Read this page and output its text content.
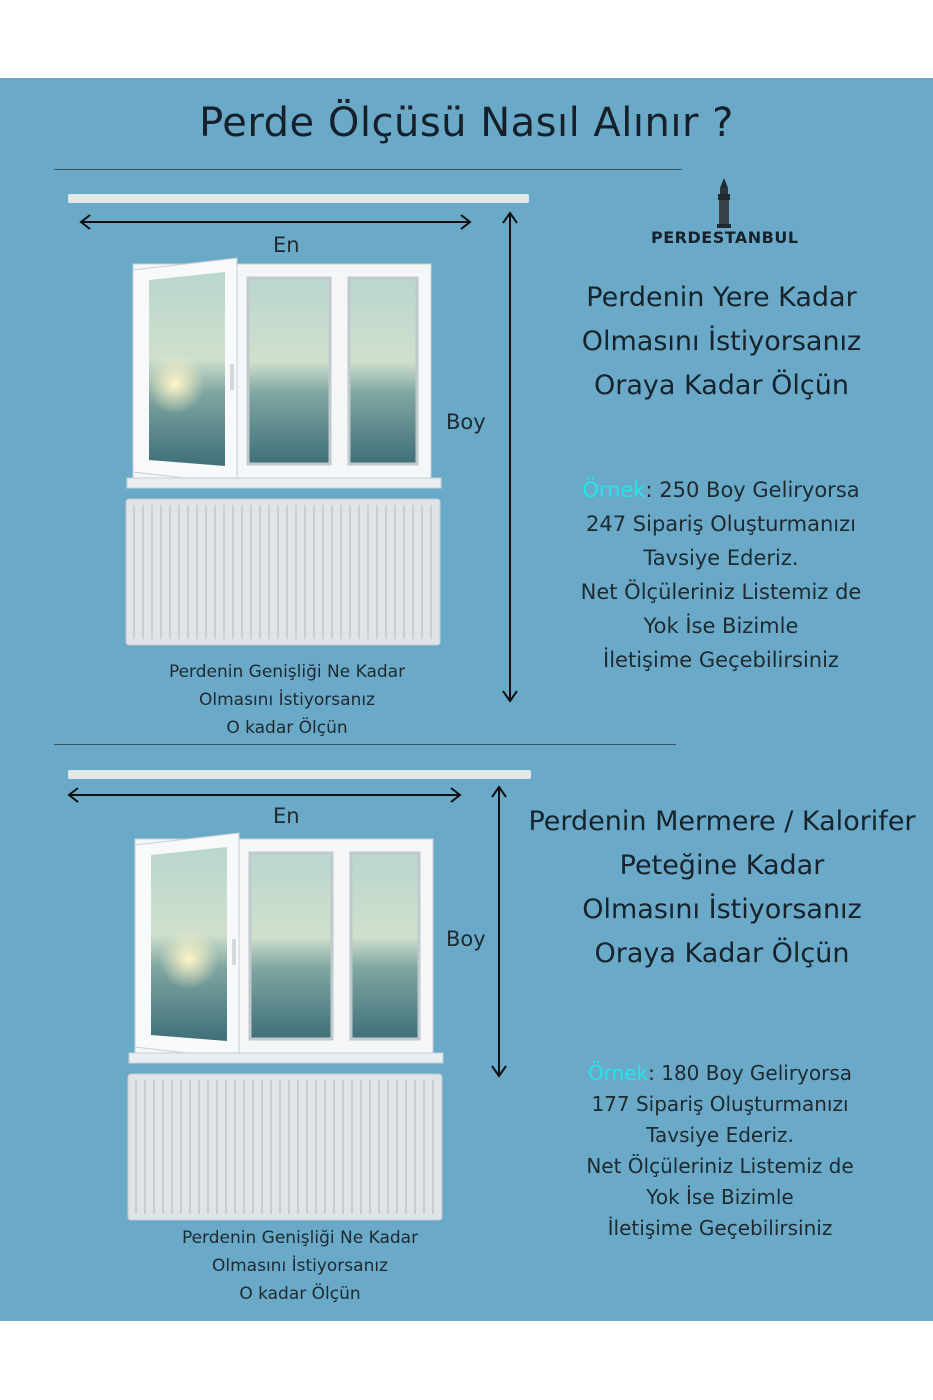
Perde Ölçüsü Nasıl Alınır ?
PERDESTANBUL
En
Boy
Perdenin Genişliği Ne Kadar
Olmasını İstiyorsanız
O kadar Ölçün
Perdenin Yere Kadar
Olmasını İstiyorsanız
Oraya Kadar Ölçün
Örnek: 250 Boy Geliryorsa
247 Sipariş Oluşturmanızı
Tavsiye Ederiz.
Net Ölçüleriniz Listemiz de
Yok İse Bizimle
İletişime Geçebilirsiniz
En
Boy
Perdenin Genişliği Ne Kadar
Olmasını İstiyorsanız
O kadar Ölçün
Perdenin Mermere / Kalorifer
Peteğine Kadar
Olmasını İstiyorsanız
Oraya Kadar Ölçün
Örnek: 180 Boy Geliryorsa
177 Sipariş Oluşturmanızı
Tavsiye Ederiz.
Net Ölçüleriniz Listemiz de
Yok İse Bizimle
İletişime Geçebilirsiniz
